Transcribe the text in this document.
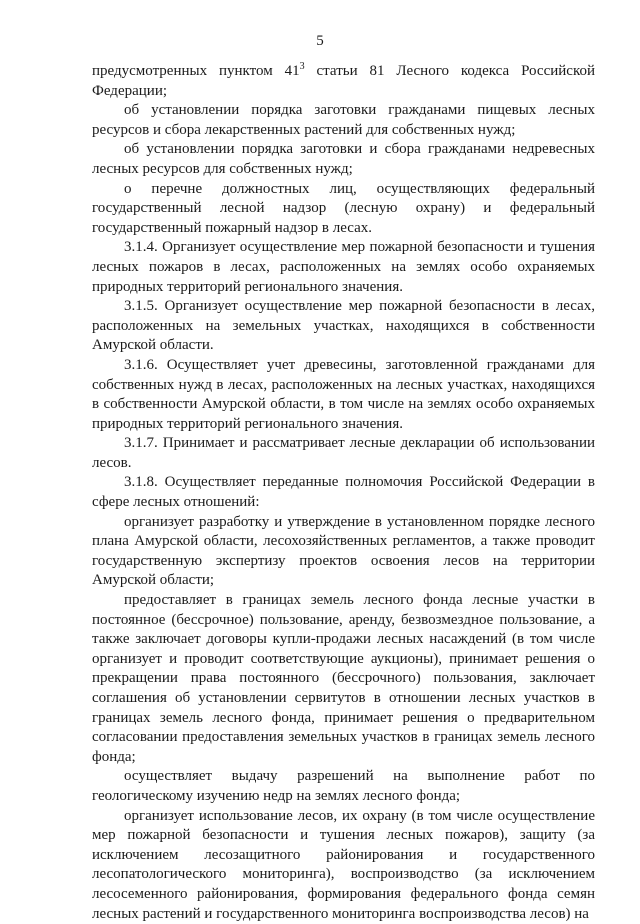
5

предусмотренных пунктом $41^3$ статьи 81 Лесного кодекса Российской Федерации;

об установлении порядка заготовки гражданами пищевых лесных ресурсов и сбора лекарственных растений для собственных нужд;

об установлении порядка заготовки и сбора гражданами недревесных лесных ресурсов для собственных нужд;

о перечне должностных лиц, осуществляющих федеральный государственный лесной надзор (лесную охрану) и федеральный государственный пожарный надзор в лесах.

3.1.4. Организует осуществление мер пожарной безопасности и тушения лесных пожаров в лесах, расположенных на землях особо охраняемых природных территорий регионального значения.

3.1.5. Организует осуществление мер пожарной безопасности в лесах, расположенных на земельных участках, находящихся в собственности Амурской области.

3.1.6. Осуществляет учет древесины, заготовленной гражданами для собственных нужд в лесах, расположенных на лесных участках, находящихся в собственности Амурской области, в том числе на землях особо охраняемых природных территорий регионального значения.

3.1.7. Принимает и рассматривает лесные декларации об использовании лесов.

3.1.8. Осуществляет переданные полномочия Российской Федерации в сфере лесных отношений:

организует разработку и утверждение в установленном порядке лесного плана Амурской области, лесохозяйственных регламентов, а также проводит государственную экспертизу проектов освоения лесов на территории Амурской области;

предоставляет в границах земель лесного фонда лесные участки в постоянное (бессрочное) пользование, аренду, безвозмездное пользование, а также заключает договоры купли-продажи лесных насаждений (в том числе организует и проводит соответствующие аукционы), принимает решения о прекращении права постоянного (бессрочного) пользования, заключает соглашения об установлении сервитутов в отношении лесных участков в границах земель лесного фонда, принимает решения о предварительном согласовании предоставления земельных участков в границах земель лесного фонда;

осуществляет выдачу разрешений на выполнение работ по геологическому изучению недр на землях лесного фонда;

организует использование лесов, их охрану (в том числе осуществление мер пожарной безопасности и тушения лесных пожаров), защиту (за исключением лесозащитного районирования и государственного лесопатологического мониторинга), воспроизводство (за исключением лесосеменного районирования, формирования федерального фонда семян лесных растений и государственного мониторинга воспроизводства лесов) на
